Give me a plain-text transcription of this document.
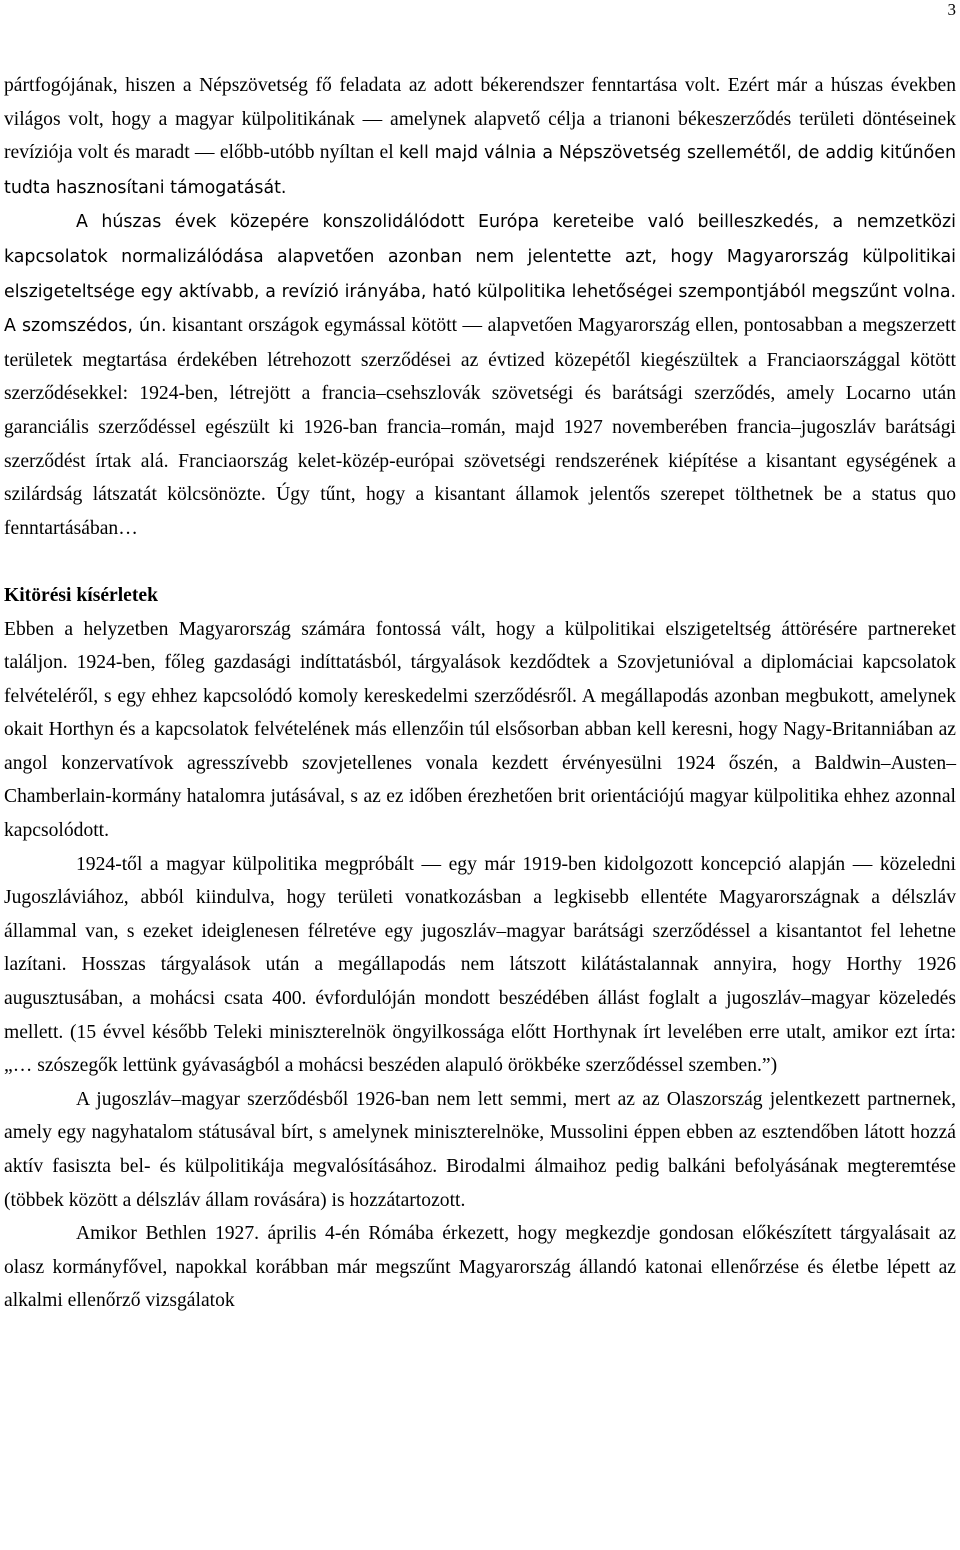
3

pártfogójának, hiszen a Népszövetség fő feladata az adott békerendszer fenntartása volt. Ezért már a húszas években világos volt, hogy a magyar külpolitikának ― amelynek alapvető célja a trianoni békeszerződés területi döntéseinek revíziója volt és maradt ― előbb-utóbb nyíltan el kell majd válnia a Népszövetség szellemétől, de addig kitűnően tudta hasznosítani támogatását.

A húszas évek közepére konszolidálódott Európa kereteibe való beilleszkedés, a nemzetközi kapcsolatok normalizálódása alapvetően azonban nem jelentette azt, hogy Magyarország külpolitikai elszigeteltsége egy aktívabb, a revízió irányába, ható külpolitika lehetőségei szempontjából megszűnt volna. A szomszédos, ún. kisantant országok egymással kötött ― alapvetően Magyarország ellen, pontosabban a megszerzett területek megtartása érdekében létrehozott szerződései az évtized közepétől kiegészültek a Franciaországgal kötött szerződésekkel: 1924-ben, létrejött a francia–csehszlovák szövetségi és barátsági szerződés, amely Locarno után garanciális szerződéssel egészült ki 1926-ban francia–román, majd 1927 novemberében francia–jugoszláv barátsági szerződést írtak alá. Franciaország kelet-közép-európai szövetségi rendszerének kiépítése a kisantant egységének a szilárdság látszatát kölcsönözte. Úgy tűnt, hogy a kisantant államok jelentős szerepet tölthetnek be a status quo fenntartásában…

Kitörési kísérletek

Ebben a helyzetben Magyarország számára fontossá vált, hogy a külpolitikai elszigeteltség áttörésére partnereket találjon. 1924-ben, főleg gazdasági indíttatásból, tárgyalások kezdődtek a Szovjetunióval a diplomáciai kapcsolatok felvételéről, s egy ehhez kapcsolódó komoly kereskedelmi szerződésről. A megállapodás azonban megbukott, amelynek okait Horthyn és a kapcsolatok felvételének más ellenzőin túl elsősorban abban kell keresni, hogy Nagy-Britanniában az angol konzervatívok agresszívebb szovjetellenes vonala kezdett érvényesülni 1924 őszén, a Baldwin–Austen–Chamberlain-kormány hatalomra jutásával, s az ez időben érezhetően brit orientációjú magyar külpolitika ehhez azonnal kapcsolódott.

1924-től a magyar külpolitika megpróbált ― egy már 1919-ben kidolgozott koncepció alapján ― közeledni Jugoszláviához, abból kiindulva, hogy területi vonatkozásban a legkisebb ellentéte Magyarországnak a délszláv állammal van, s ezeket ideiglenesen félretéve egy jugoszláv–magyar barátsági szerződéssel a kisantantot fel lehetne lazítani. Hosszas tárgyalások után a megállapodás nem látszott kilátástalannak annyira, hogy Horthy 1926 augusztusában, a mohácsi csata 400. évfordulóján mondott beszédében állást foglalt a jugoszláv–magyar közeledés mellett. (15 évvel később Teleki miniszterelnök öngyilkossága előtt Horthynak írt levelében erre utalt, amikor ezt írta: „… szószegők lettünk gyávaságból a mohácsi beszéden alapuló örökbéke szerződéssel szemben.”)

A jugoszláv–magyar szerződésből 1926-ban nem lett semmi, mert az az Olaszország jelentkezett partnernek, amely egy nagyhatalom státusával bírt, s amelynek miniszterelnöke, Mussolini éppen ebben az esztendőben látott hozzá aktív fasiszta bel- és külpolitikája megvalósításához. Birodalmi álmaihoz pedig balkáni befolyásának megteremtése (többek között a délszláv állam rovására) is hozzátartozott.

Amikor Bethlen 1927. április 4-én Rómába érkezett, hogy megkezdje gondosan előkészített tárgyalásait az olasz kormányfővel, napokkal korábban már megszűnt Magyarország állandó katonai ellenőrzése és életbe lépett az alkalmi ellenőrző vizsgálatok
